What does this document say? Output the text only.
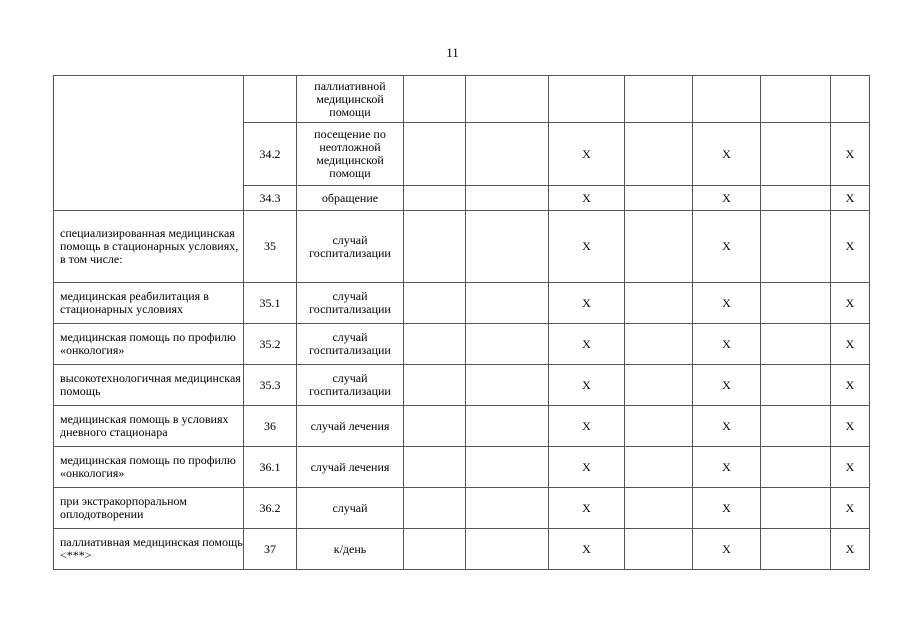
11
		паллиативной медицинской помощи							
	34.2	посещение по неотложной медицинской помощи			X		X		X
	34.3	обращение			X		X		X
специализированная медицинская помощь в стационарных условиях, в том числе:	35	случай госпитализации			X		X		X
медицинская реабилитация в стационарных условиях	35.1	случай госпитализации			X		X		X
медицинская помощь по профилю «онкология»	35.2	случай госпитализации			X		X		X
высокотехнологичная медицинская помощь	35.3	случай госпитализации			X		X		X
медицинская помощь в условиях дневного стационара	36	случай лечения			X		X		X
медицинская помощь по профилю «онкология»	36.1	случай лечения			X		X		X
при экстракорпоральном оплодотворении	36.2	случай			X		X		X
паллиативная медицинская помощь <***>	37	к/день			X		X		X
